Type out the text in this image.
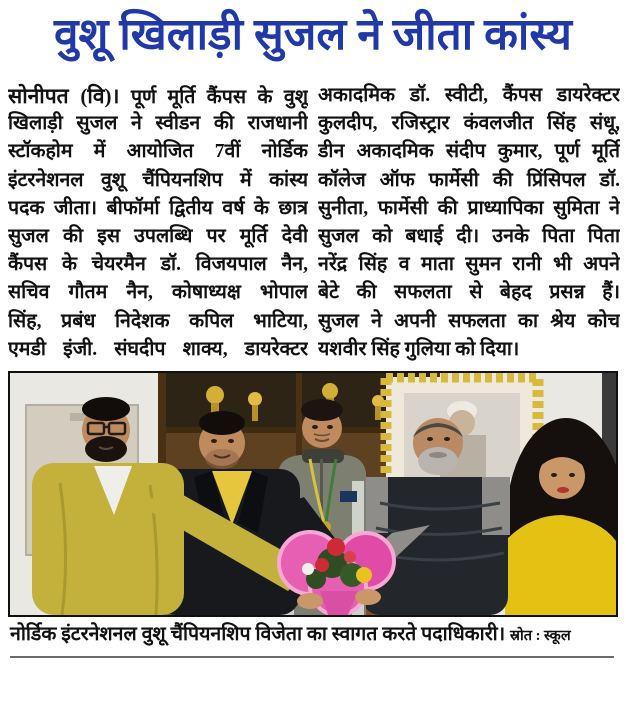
वुशू खिलाड़ी सुजल ने जीता कांस्य
सोनीपत (वि)। पूर्ण मूर्ति कैंपस के वुशू
खिलाड़ी सुजल ने स्वीडन की राजधानी
स्टॉकहोम में आयोजित 7वीं नोर्डिक
इंटरनेशनल वुशू चैंपियनशिप में कांस्य
पदक जीता। बीफॉर्मा द्वितीय वर्ष के छात्र
सुजल की इस उपलब्धि पर मूर्ति देवी
कैंपस के चेयरमैन डॉ. विजयपाल नैन,
सचिव गौतम नैन, कोषाध्यक्ष भोपाल
सिंह, प्रबंध निदेशक कपिल भाटिया,
एमडी इंजी. संघदीप शाक्य, डायरेक्टर
अकादमिक डॉ. स्वीटी, कैंपस डायरेक्टर
कुलदीप, रजिस्ट्रार कंवलजीत सिंह संधू,
डीन अकादमिक संदीप कुमार, पूर्ण मूर्ति
कॉलेज ऑफ फार्मेसी की प्रिंसिपल डॉ.
सुनीता, फार्मेसी की प्राध्यापिका सुमिता ने
सुजल को बधाई दी। उनके पिता पिता
नरेंद्र सिंह व माता सुमन रानी भी अपने
बेटे की सफलता से बेहद प्रसन्न हैं।
सुजल ने अपनी सफलता का श्रेय कोच
यशवीर सिंह गुलिया को दिया।
नोर्डिक इंटरनेशनल वुशू चैंपियनशिप विजेता का स्वागत करते पदाधिकारी। स्रोत : स्कूल
